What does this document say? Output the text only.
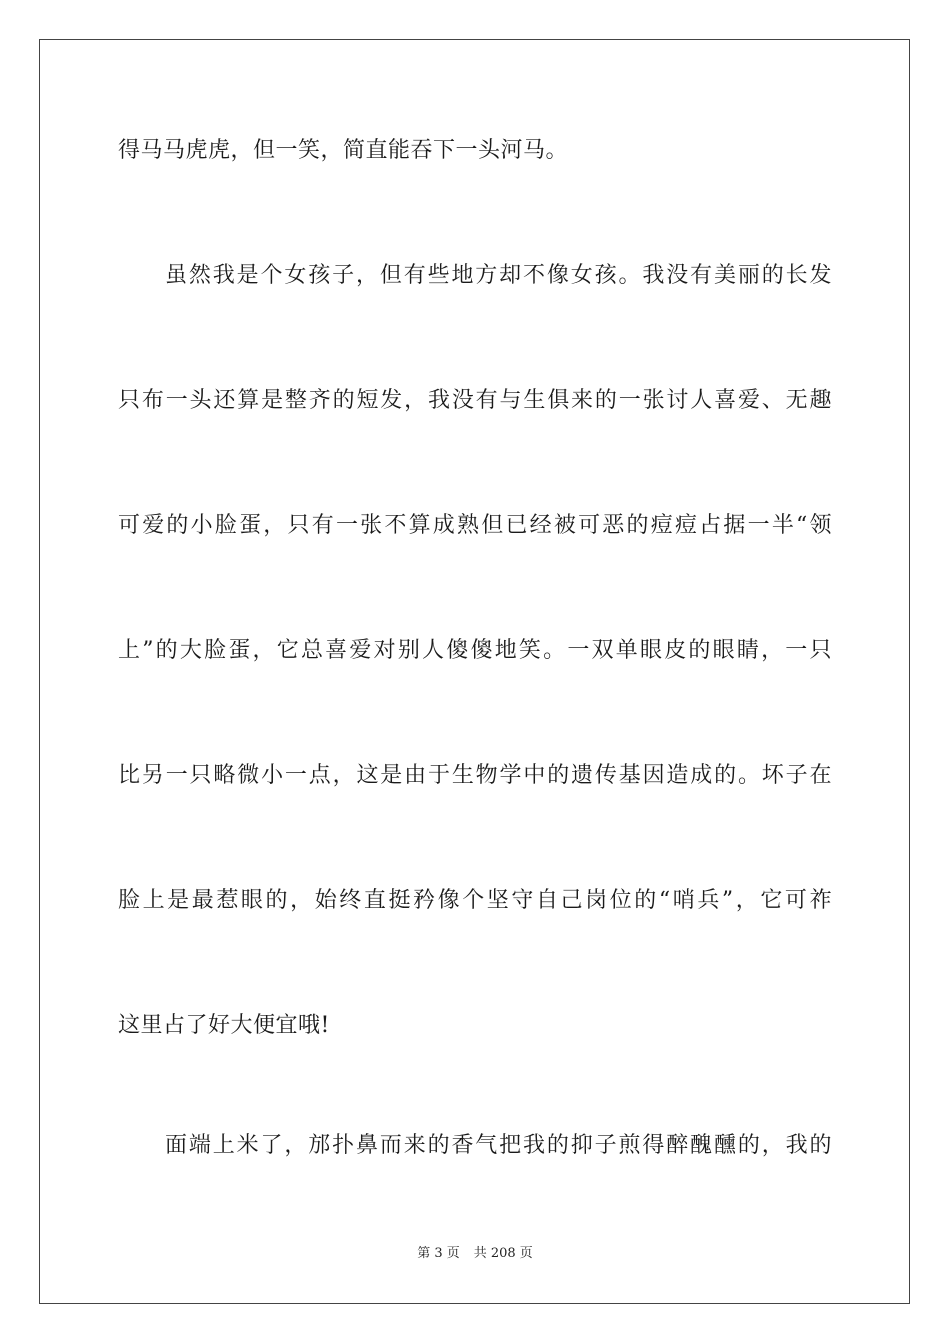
得马马虎虎，但一笑，简直能吞下一头河马。
虽然我是个女孩子，但有些地方却不像女孩。我没有美丽的长发
只布一头还算是整齐的短发，我没有与生俱来的一张讨人喜爱、无趣
可爱的小脸蛋，只有一张不算成熟但已经被可恶的痘痘占据一半“领
上”的大脸蛋，它总喜爱对别人傻傻地笑。一双单眼皮的眼睛，一只
比另一只略微小一点，这是由于生物学中的遗传基因造成的。坏子在
脸上是最惹眼的，始终直挺矜像个坚守自己岗位的“哨兵”，它可祚
这里占了好大便宜哦!
面端上米了，邡扑鼻而来的香气把我的抑子煎得醉醜醺的，我的
第 3 页 共 208 页
